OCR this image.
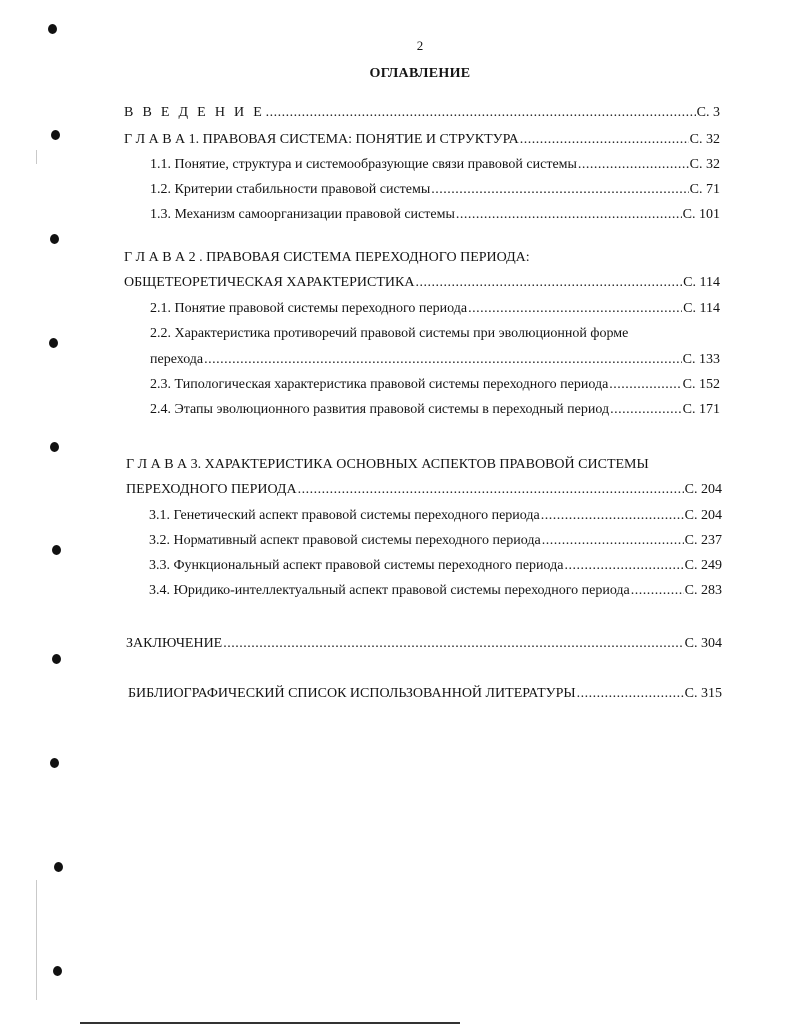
2
ОГЛАВЛЕНИЕ
В В Е Д Е Н И Е .....	С. 3
Г Л А В А 1. ПРАВОВАЯ СИСТЕМА: ПОНЯТИЕ И СТРУКТУРА .....	С. 32
1.1. Понятие, структура и системообразующие связи правовой системы .....	С. 32
1.2. Критерии стабильности правовой системы .....	С. 71
1.3. Механизм самоорганизации правовой системы .....	С. 101
Г Л А В А 2 . ПРАВОВАЯ СИСТЕМА ПЕРЕХОДНОГО ПЕРИОДА:
ОБЩЕТЕОРЕТИЧЕСКАЯ ХАРАКТЕРИСТИКА .....	С. 114
2.1. Понятие правовой системы переходного периода .....	С. 114
2.2. Характеристика противоречий правовой системы при эволюционной форме
перехода .....	С. 133
2.3. Типологическая характеристика правовой системы переходного периода .....	С. 152
2.4. Этапы эволюционного развития правовой системы в переходный период .....	С. 171
Г Л А В А 3. ХАРАКТЕРИСТИКА ОСНОВНЫХ АСПЕКТОВ ПРАВОВОЙ СИСТЕМЫ
ПЕРЕХОДНОГО ПЕРИОДА .....	С. 204
3.1. Генетический аспект правовой системы переходного периода .....	С. 204
3.2. Нормативный аспект правовой системы переходного периода .....	С. 237
3.3. Функциональный аспект правовой системы переходного периода .....	С. 249
3.4. Юридико-интеллектуальный аспект правовой системы переходного периода .....	С. 283
ЗАКЛЮЧЕНИЕ .....	С. 304
БИБЛИОГРАФИЧЕСКИЙ СПИСОК ИСПОЛЬЗОВАННОЙ ЛИТЕРАТУРЫ .....	С. 315
